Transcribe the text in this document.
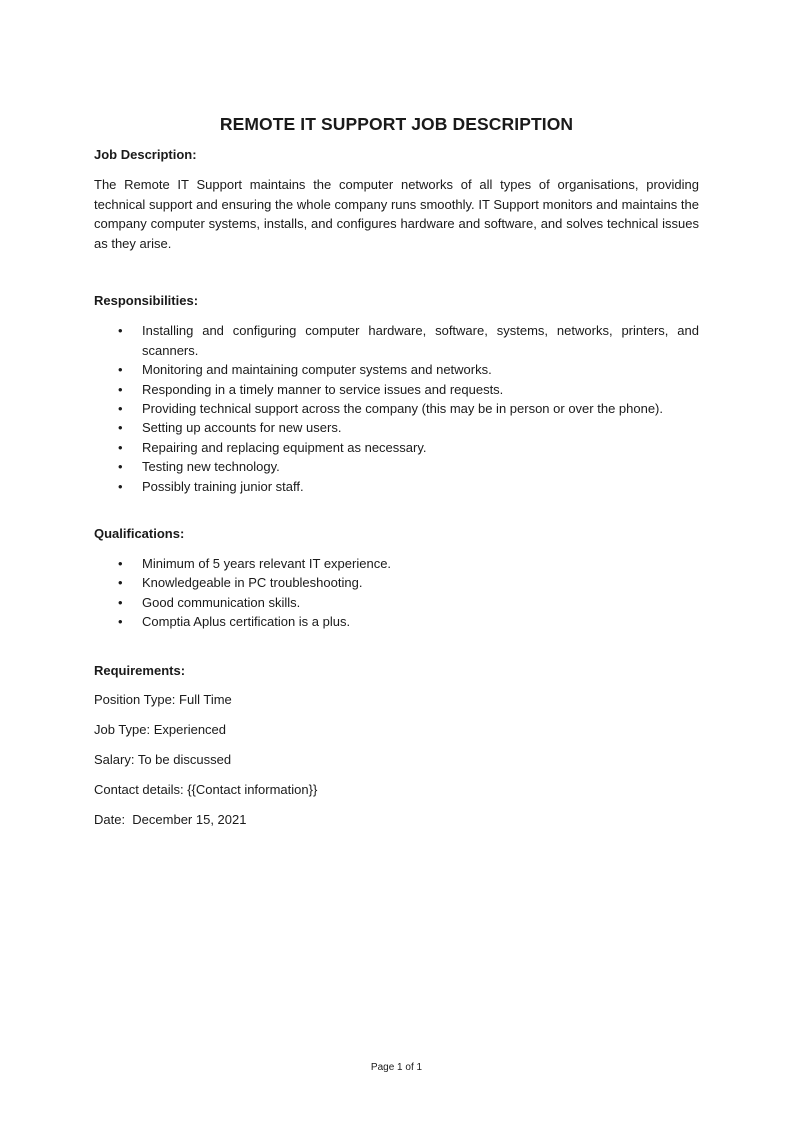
REMOTE IT SUPPORT JOB DESCRIPTION

Job Description:

The Remote IT Support maintains the computer networks of all types of organisations, providing technical support and ensuring the whole company runs smoothly. IT Support monitors and maintains the company computer systems, installs, and configures hardware and software, and solves technical issues as they arise.

Responsibilities:

• Installing and configuring computer hardware, software, systems, networks, printers, and scanners.
• Monitoring and maintaining computer systems and networks.
• Responding in a timely manner to service issues and requests.
• Providing technical support across the company (this may be in person or over the phone).
• Setting up accounts for new users.
• Repairing and replacing equipment as necessary.
• Testing new technology.
• Possibly training junior staff.

Qualifications:

• Minimum of 5 years relevant IT experience.
• Knowledgeable in PC troubleshooting.
• Good communication skills.
• Comptia Aplus certification is a plus.

Requirements:

Position Type: Full Time

Job Type: Experienced

Salary: To be discussed

Contact details: {{Contact information}}

Date:  December 15, 2021

Page 1 of 1
